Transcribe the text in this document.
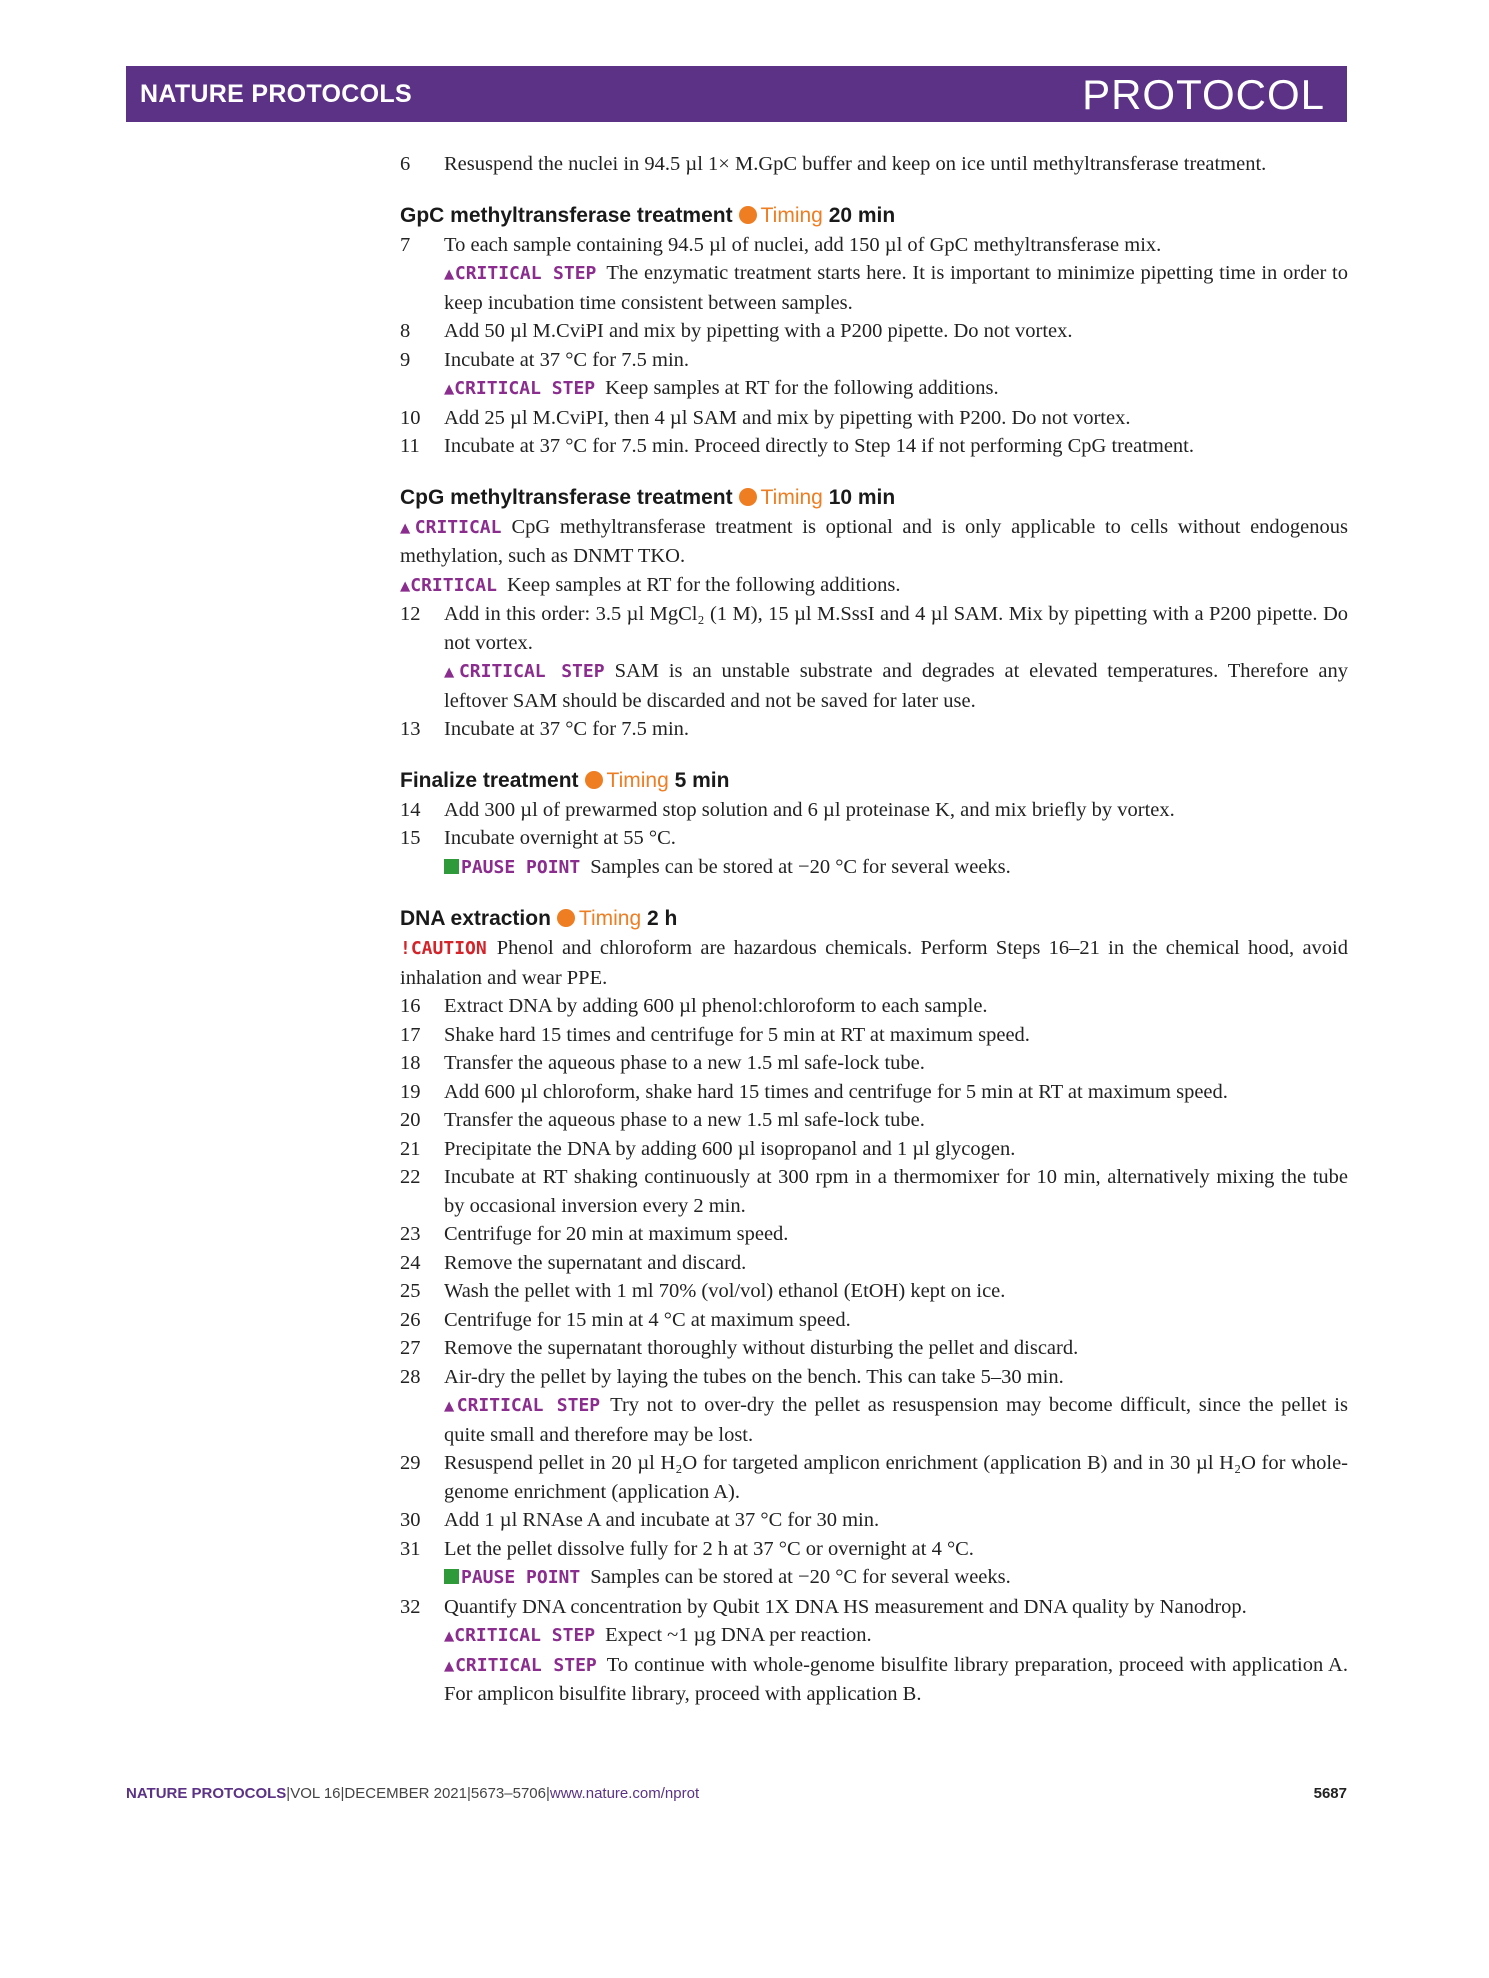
NATURE PROTOCOLS	PROTOCOL
6 Resuspend the nuclei in 94.5 µl 1× M.GpC buffer and keep on ice until methyltransferase treatment.
GpC methyltransferase treatment Timing 20 min
7 To each sample containing 94.5 µl of nuclei, add 150 µl of GpC methyltransferase mix.
▲CRITICAL STEP The enzymatic treatment starts here. It is important to minimize pipetting time in order to keep incubation time consistent between samples.
8 Add 50 µl M.CviPI and mix by pipetting with a P200 pipette. Do not vortex.
9 Incubate at 37 °C for 7.5 min.
▲CRITICAL STEP Keep samples at RT for the following additions.
10 Add 25 µl M.CviPI, then 4 µl SAM and mix by pipetting with P200. Do not vortex.
11 Incubate at 37 °C for 7.5 min. Proceed directly to Step 14 if not performing CpG treatment.
CpG methyltransferase treatment Timing 10 min
▲CRITICAL CpG methyltransferase treatment is optional and is only applicable to cells without endogenous methylation, such as DNMT TKO.
▲CRITICAL Keep samples at RT for the following additions.
12 Add in this order: 3.5 µl MgCl₂ (1 M), 15 µl M.SssI and 4 µl SAM. Mix by pipetting with a P200 pipette. Do not vortex.
▲CRITICAL STEP SAM is an unstable substrate and degrades at elevated temperatures. Therefore any leftover SAM should be discarded and not be saved for later use.
13 Incubate at 37 °C for 7.5 min.
Finalize treatment Timing 5 min
14 Add 300 µl of prewarmed stop solution and 6 µl proteinase K, and mix briefly by vortex.
15 Incubate overnight at 55 °C.
PAUSE POINT Samples can be stored at −20 °C for several weeks.
DNA extraction Timing 2 h
!CAUTION Phenol and chloroform are hazardous chemicals. Perform Steps 16–21 in the chemical hood, avoid inhalation and wear PPE.
16 Extract DNA by adding 600 µl phenol:chloroform to each sample.
17 Shake hard 15 times and centrifuge for 5 min at RT at maximum speed.
18 Transfer the aqueous phase to a new 1.5 ml safe-lock tube.
19 Add 600 µl chloroform, shake hard 15 times and centrifuge for 5 min at RT at maximum speed.
20 Transfer the aqueous phase to a new 1.5 ml safe-lock tube.
21 Precipitate the DNA by adding 600 µl isopropanol and 1 µl glycogen.
22 Incubate at RT shaking continuously at 300 rpm in a thermomixer for 10 min, alternatively mixing the tube by occasional inversion every 2 min.
23 Centrifuge for 20 min at maximum speed.
24 Remove the supernatant and discard.
25 Wash the pellet with 1 ml 70% (vol/vol) ethanol (EtOH) kept on ice.
26 Centrifuge for 15 min at 4 °C at maximum speed.
27 Remove the supernatant thoroughly without disturbing the pellet and discard.
28 Air-dry the pellet by laying the tubes on the bench. This can take 5–30 min.
▲CRITICAL STEP Try not to over-dry the pellet as resuspension may become difficult, since the pellet is quite small and therefore may be lost.
29 Resuspend pellet in 20 µl H₂O for targeted amplicon enrichment (application B) and in 30 µl H₂O for whole-genome enrichment (application A).
30 Add 1 µl RNAse A and incubate at 37 °C for 30 min.
31 Let the pellet dissolve fully for 2 h at 37 °C or overnight at 4 °C.
PAUSE POINT Samples can be stored at −20 °C for several weeks.
32 Quantify DNA concentration by Qubit 1X DNA HS measurement and DNA quality by Nanodrop.
▲CRITICAL STEP Expect ~1 µg DNA per reaction.
▲CRITICAL STEP To continue with whole-genome bisulfite library preparation, proceed with application A. For amplicon bisulfite library, proceed with application B.
NATURE PROTOCOLS|VOL 16|DECEMBER 2021|5673–5706|www.nature.com/nprot	5687
